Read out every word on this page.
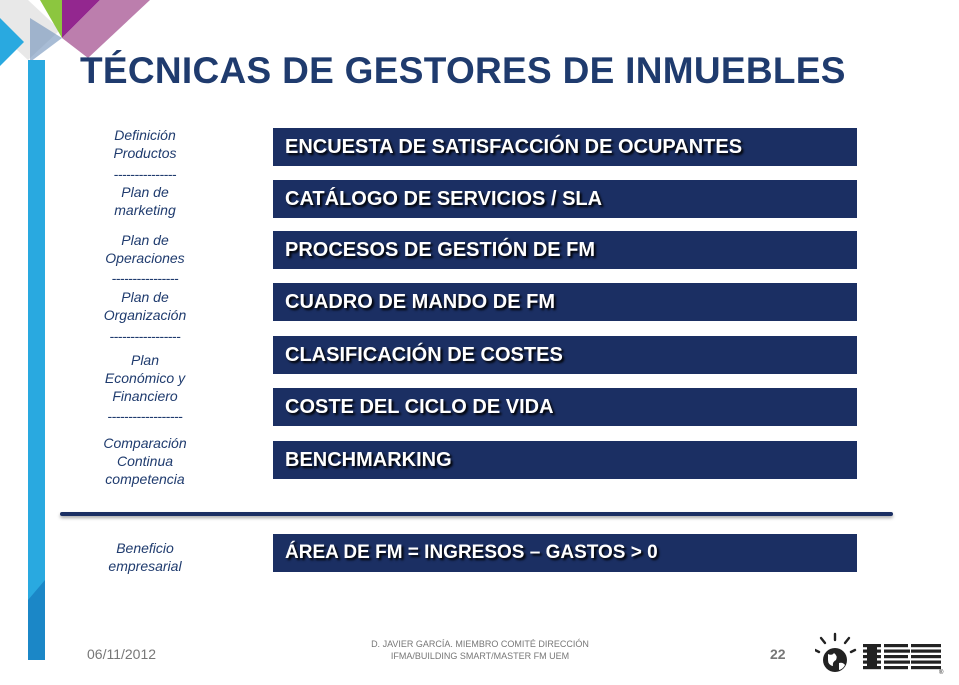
TÉCNICAS DE GESTORES DE INMUEBLES
Definición
Productos
---------------
Plan de
marketing
Plan de
Operaciones
----------------
Plan de
Organización
-----------------
Plan
Económico y
Financiero
------------------
Comparación
Continua
competencia
Beneficio
empresarial
ENCUESTA DE SATISFACCIÓN DE OCUPANTES
CATÁLOGO DE SERVICIOS / SLA
PROCESOS DE GESTIÓN DE FM
CUADRO DE MANDO DE FM
CLASIFICACIÓN DE COSTES
COSTE DEL CICLO DE VIDA
BENCHMARKING
ÁREA DE FM = INGRESOS – GASTOS > 0
06/11/2012
D. JAVIER GARCÍA. MIEMBRO COMITÉ DIRECCIÓN
IFMA/BUILDING SMART/MASTER FM UEM	22
®
